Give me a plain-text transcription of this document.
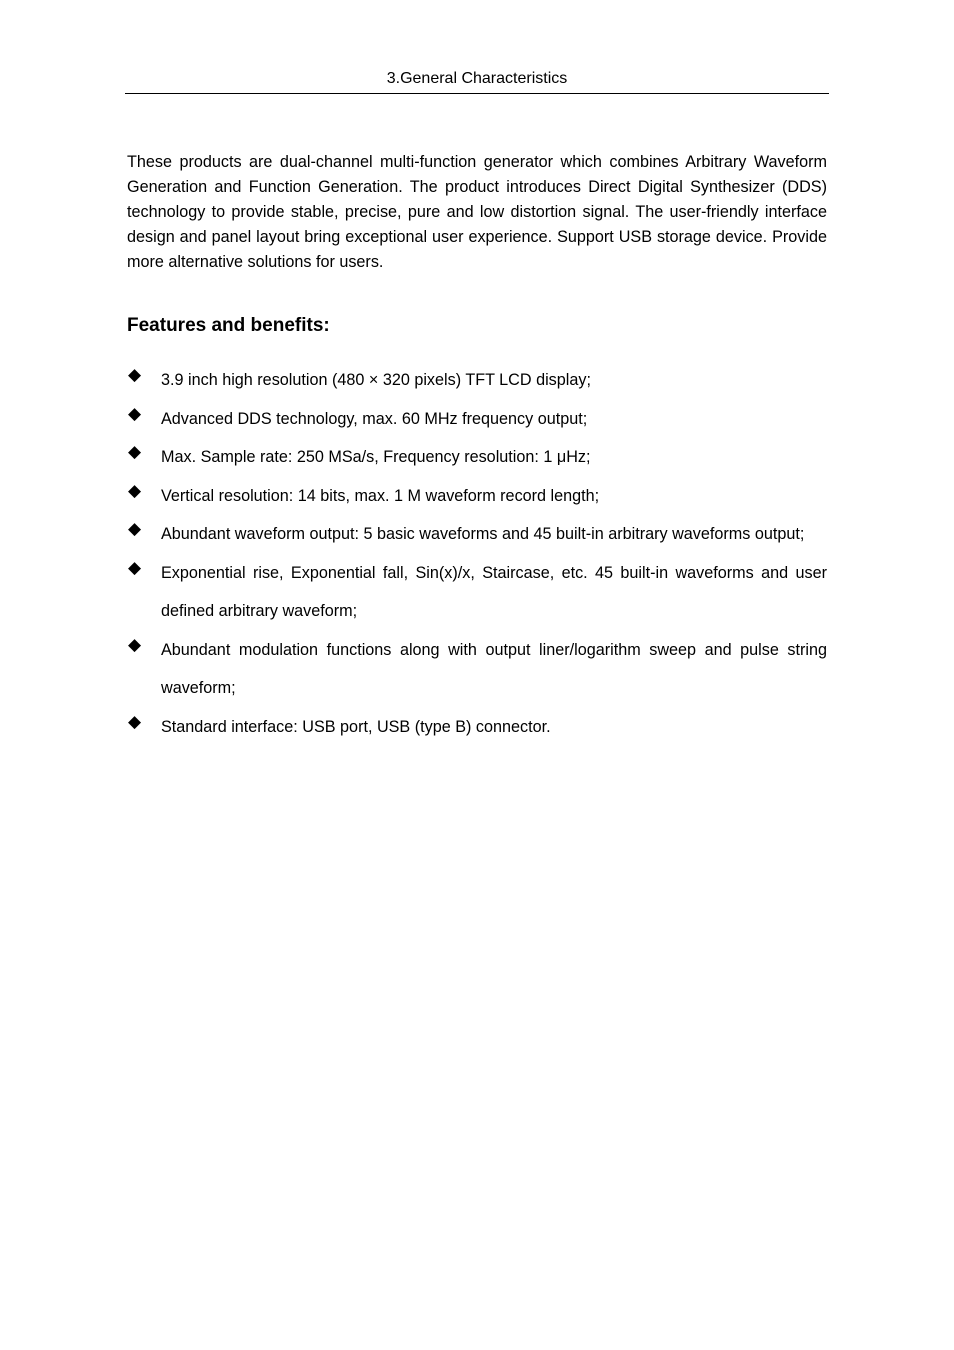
3.General Characteristics

These products are dual-channel multi-function generator which combines Arbitrary Waveform Generation and Function Generation. The product introduces Direct Digital Synthesizer (DDS) technology to provide stable, precise, pure and low distortion signal. The user-friendly interface design and panel layout bring exceptional user experience. Support USB storage device. Provide more alternative solutions for users.

Features and benefits:
◆ 3.9 inch high resolution (480 × 320 pixels) TFT LCD display;
◆ Advanced DDS technology, max. 60 MHz frequency output;
◆ Max. Sample rate: 250 MSa/s, Frequency resolution: 1 μHz;
◆ Vertical resolution: 14 bits, max. 1 M waveform record length;
◆ Abundant waveform output: 5 basic waveforms and 45 built-in arbitrary waveforms output;
◆ Exponential rise, Exponential fall, Sin(x)/x, Staircase, etc. 45 built-in waveforms and user defined arbitrary waveform;
◆ Abundant modulation functions along with output liner/logarithm sweep and pulse string waveform;
◆ Standard interface: USB port, USB (type B) connector.
